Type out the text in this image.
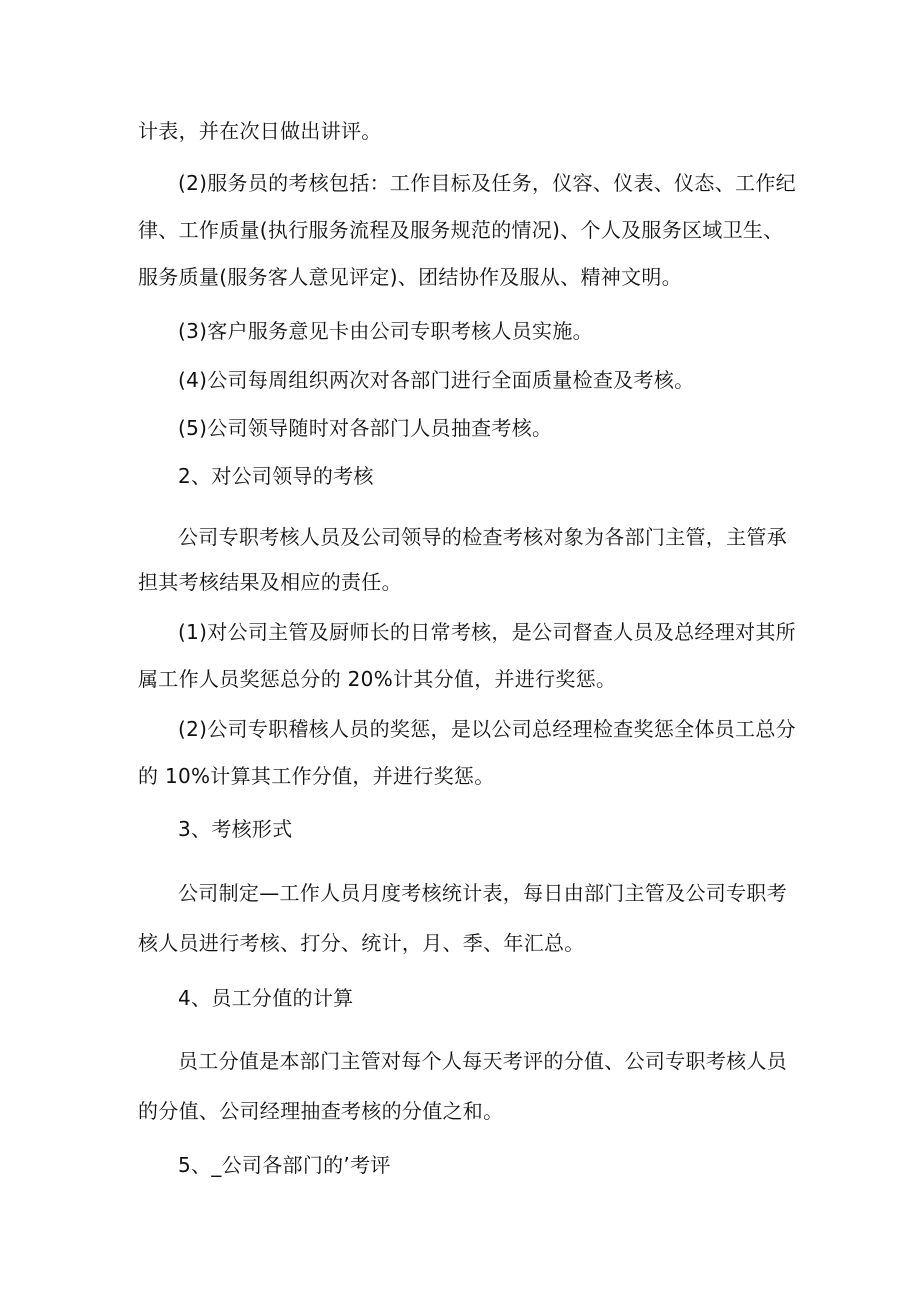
计表，并在次日做出讲评。
(2)服务员的考核包括：工作目标及任务，仪容、仪表、仪态、工作纪
律、工作质量(执行服务流程及服务规范的情况)、个人及服务区域卫生、
服务质量(服务客人意见评定)、团结协作及服从、精神文明。
(3)客户服务意见卡由公司专职考核人员实施。
(4)公司每周组织两次对各部门进行全面质量检查及考核。
(5)公司领导随时对各部门人员抽查考核。
2、对公司领导的考核
公司专职考核人员及公司领导的检查考核对象为各部门主管，主管承
担其考核结果及相应的责任。
(1)对公司主管及厨师长的日常考核，是公司督查人员及总经理对其所
属工作人员奖惩总分的 20%计其分值，并进行奖惩。
(2)公司专职稽核人员的奖惩，是以公司总经理检查奖惩全体员工总分
的 10%计算其工作分值，并进行奖惩。
3、考核形式
公司制定—工作人员月度考核统计表，每日由部门主管及公司专职考
核人员进行考核、打分、统计，月、季、年汇总。
4、员工分值的计算
员工分值是本部门主管对每个人每天考评的分值、公司专职考核人员
的分值、公司经理抽查考核的分值之和。
5、_公司各部门的’考评
